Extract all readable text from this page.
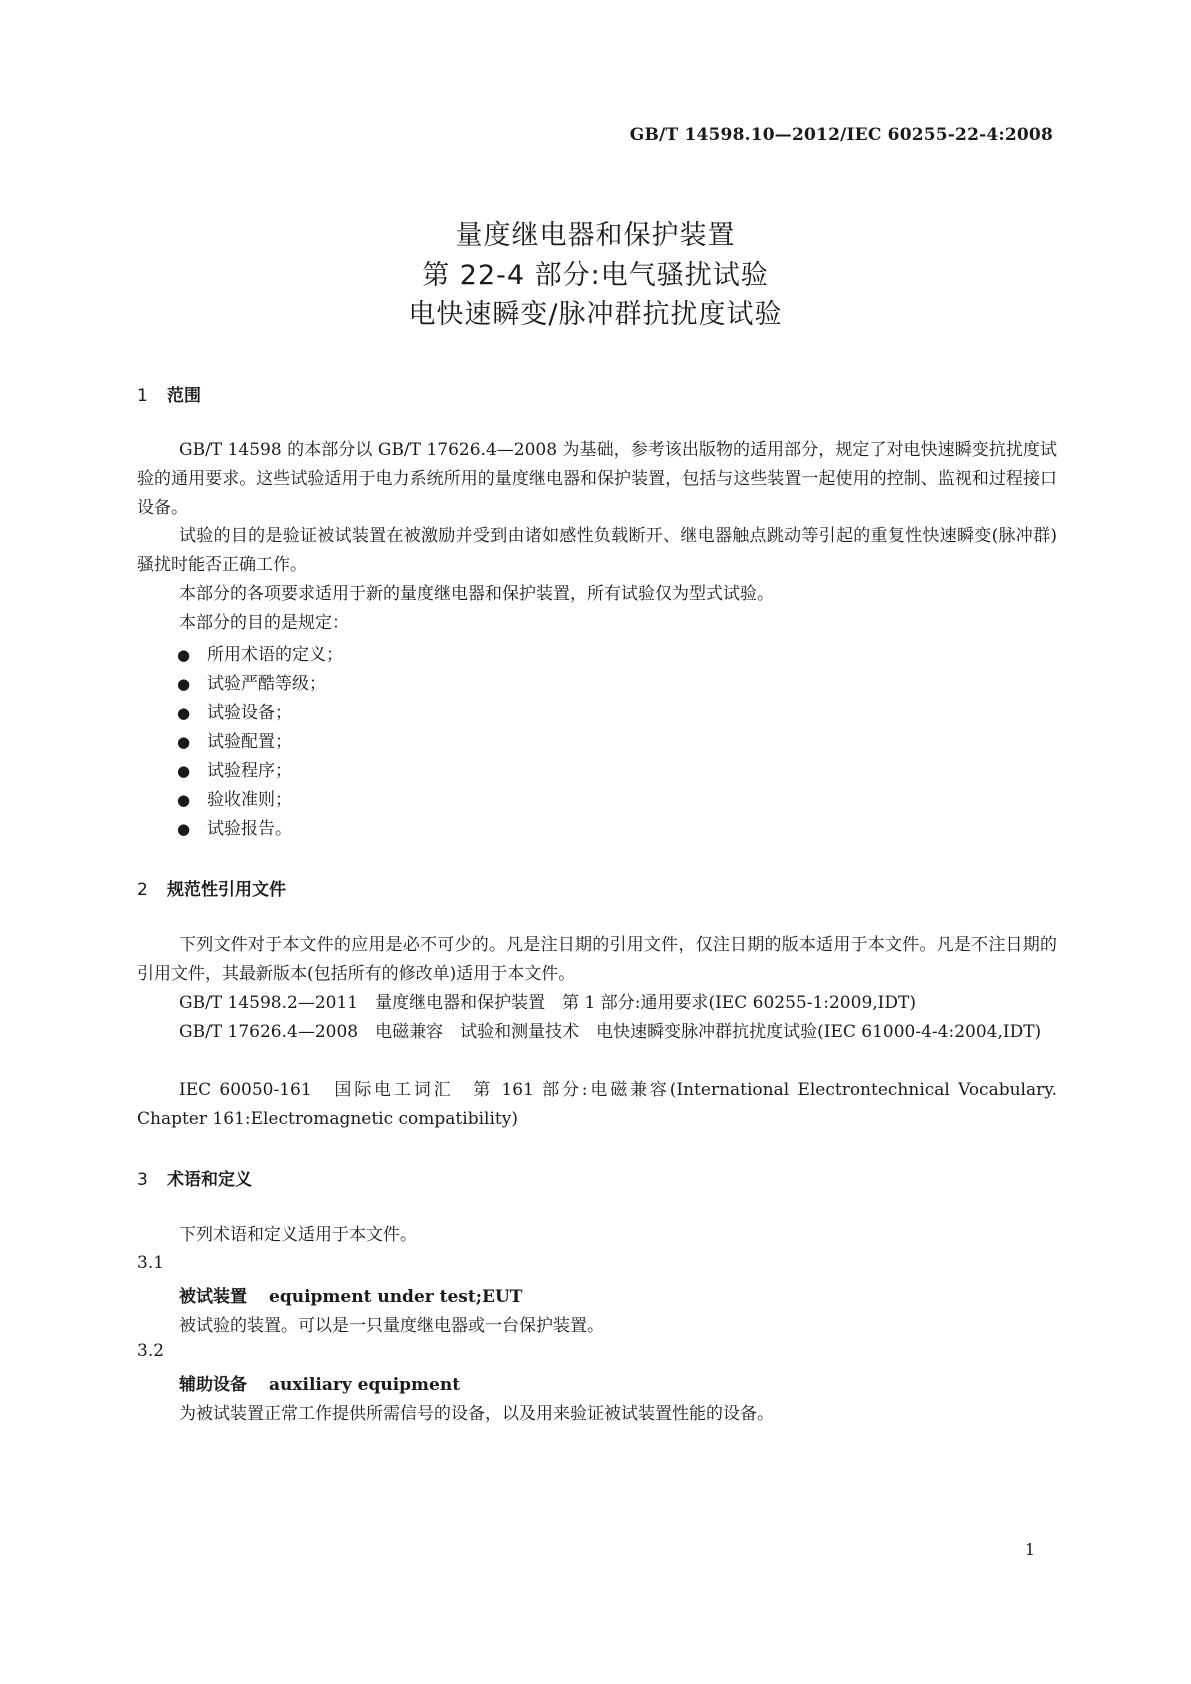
GB/T 14598.10—2012/IEC 60255-22-4:2008
量度继电器和保护装置
第 22-4 部分:电气骚扰试验
电快速瞬变/脉冲群抗扰度试验
1 范围
GB/T 14598 的本部分以 GB/T 17626.4—2008 为基础，参考该出版物的适用部分，规定了对电快速瞬变抗扰度试验的通用要求。这些试验适用于电力系统所用的量度继电器和保护装置，包括与这些装置一起使用的控制、监视和过程接口设备。
试验的目的是验证被试装置在被激励并受到由诸如感性负载断开、继电器触点跳动等引起的重复性快速瞬变(脉冲群)骚扰时能否正确工作。
本部分的各项要求适用于新的量度继电器和保护装置，所有试验仅为型式试验。
本部分的目的是规定：
● 所用术语的定义；
● 试验严酷等级；
● 试验设备；
● 试验配置；
● 试验程序；
● 验收准则；
● 试验报告。
2 规范性引用文件
下列文件对于本文件的应用是必不可少的。凡是注日期的引用文件，仅注日期的版本适用于本文件。凡是不注日期的引用文件，其最新版本(包括所有的修改单)适用于本文件。
GB/T 14598.2—2011　量度继电器和保护装置　第 1 部分:通用要求(IEC 60255-1:2009,IDT)
GB/T 17626.4—2008　电磁兼容　试验和测量技术　电快速瞬变脉冲群抗扰度试验(IEC 61000-4-4:2004,IDT)
IEC 60050-161　国际电工词汇　第 161 部分:电磁兼容(International Electrontechnical Vocabulary. Chapter 161:Electromagnetic compatibility)
3 术语和定义
下列术语和定义适用于本文件。
3.1
被试装置 equipment under test;EUT
被试验的装置。可以是一只量度继电器或一台保护装置。
3.2
辅助设备 auxiliary equipment
为被试装置正常工作提供所需信号的设备，以及用来验证被试装置性能的设备。
1
